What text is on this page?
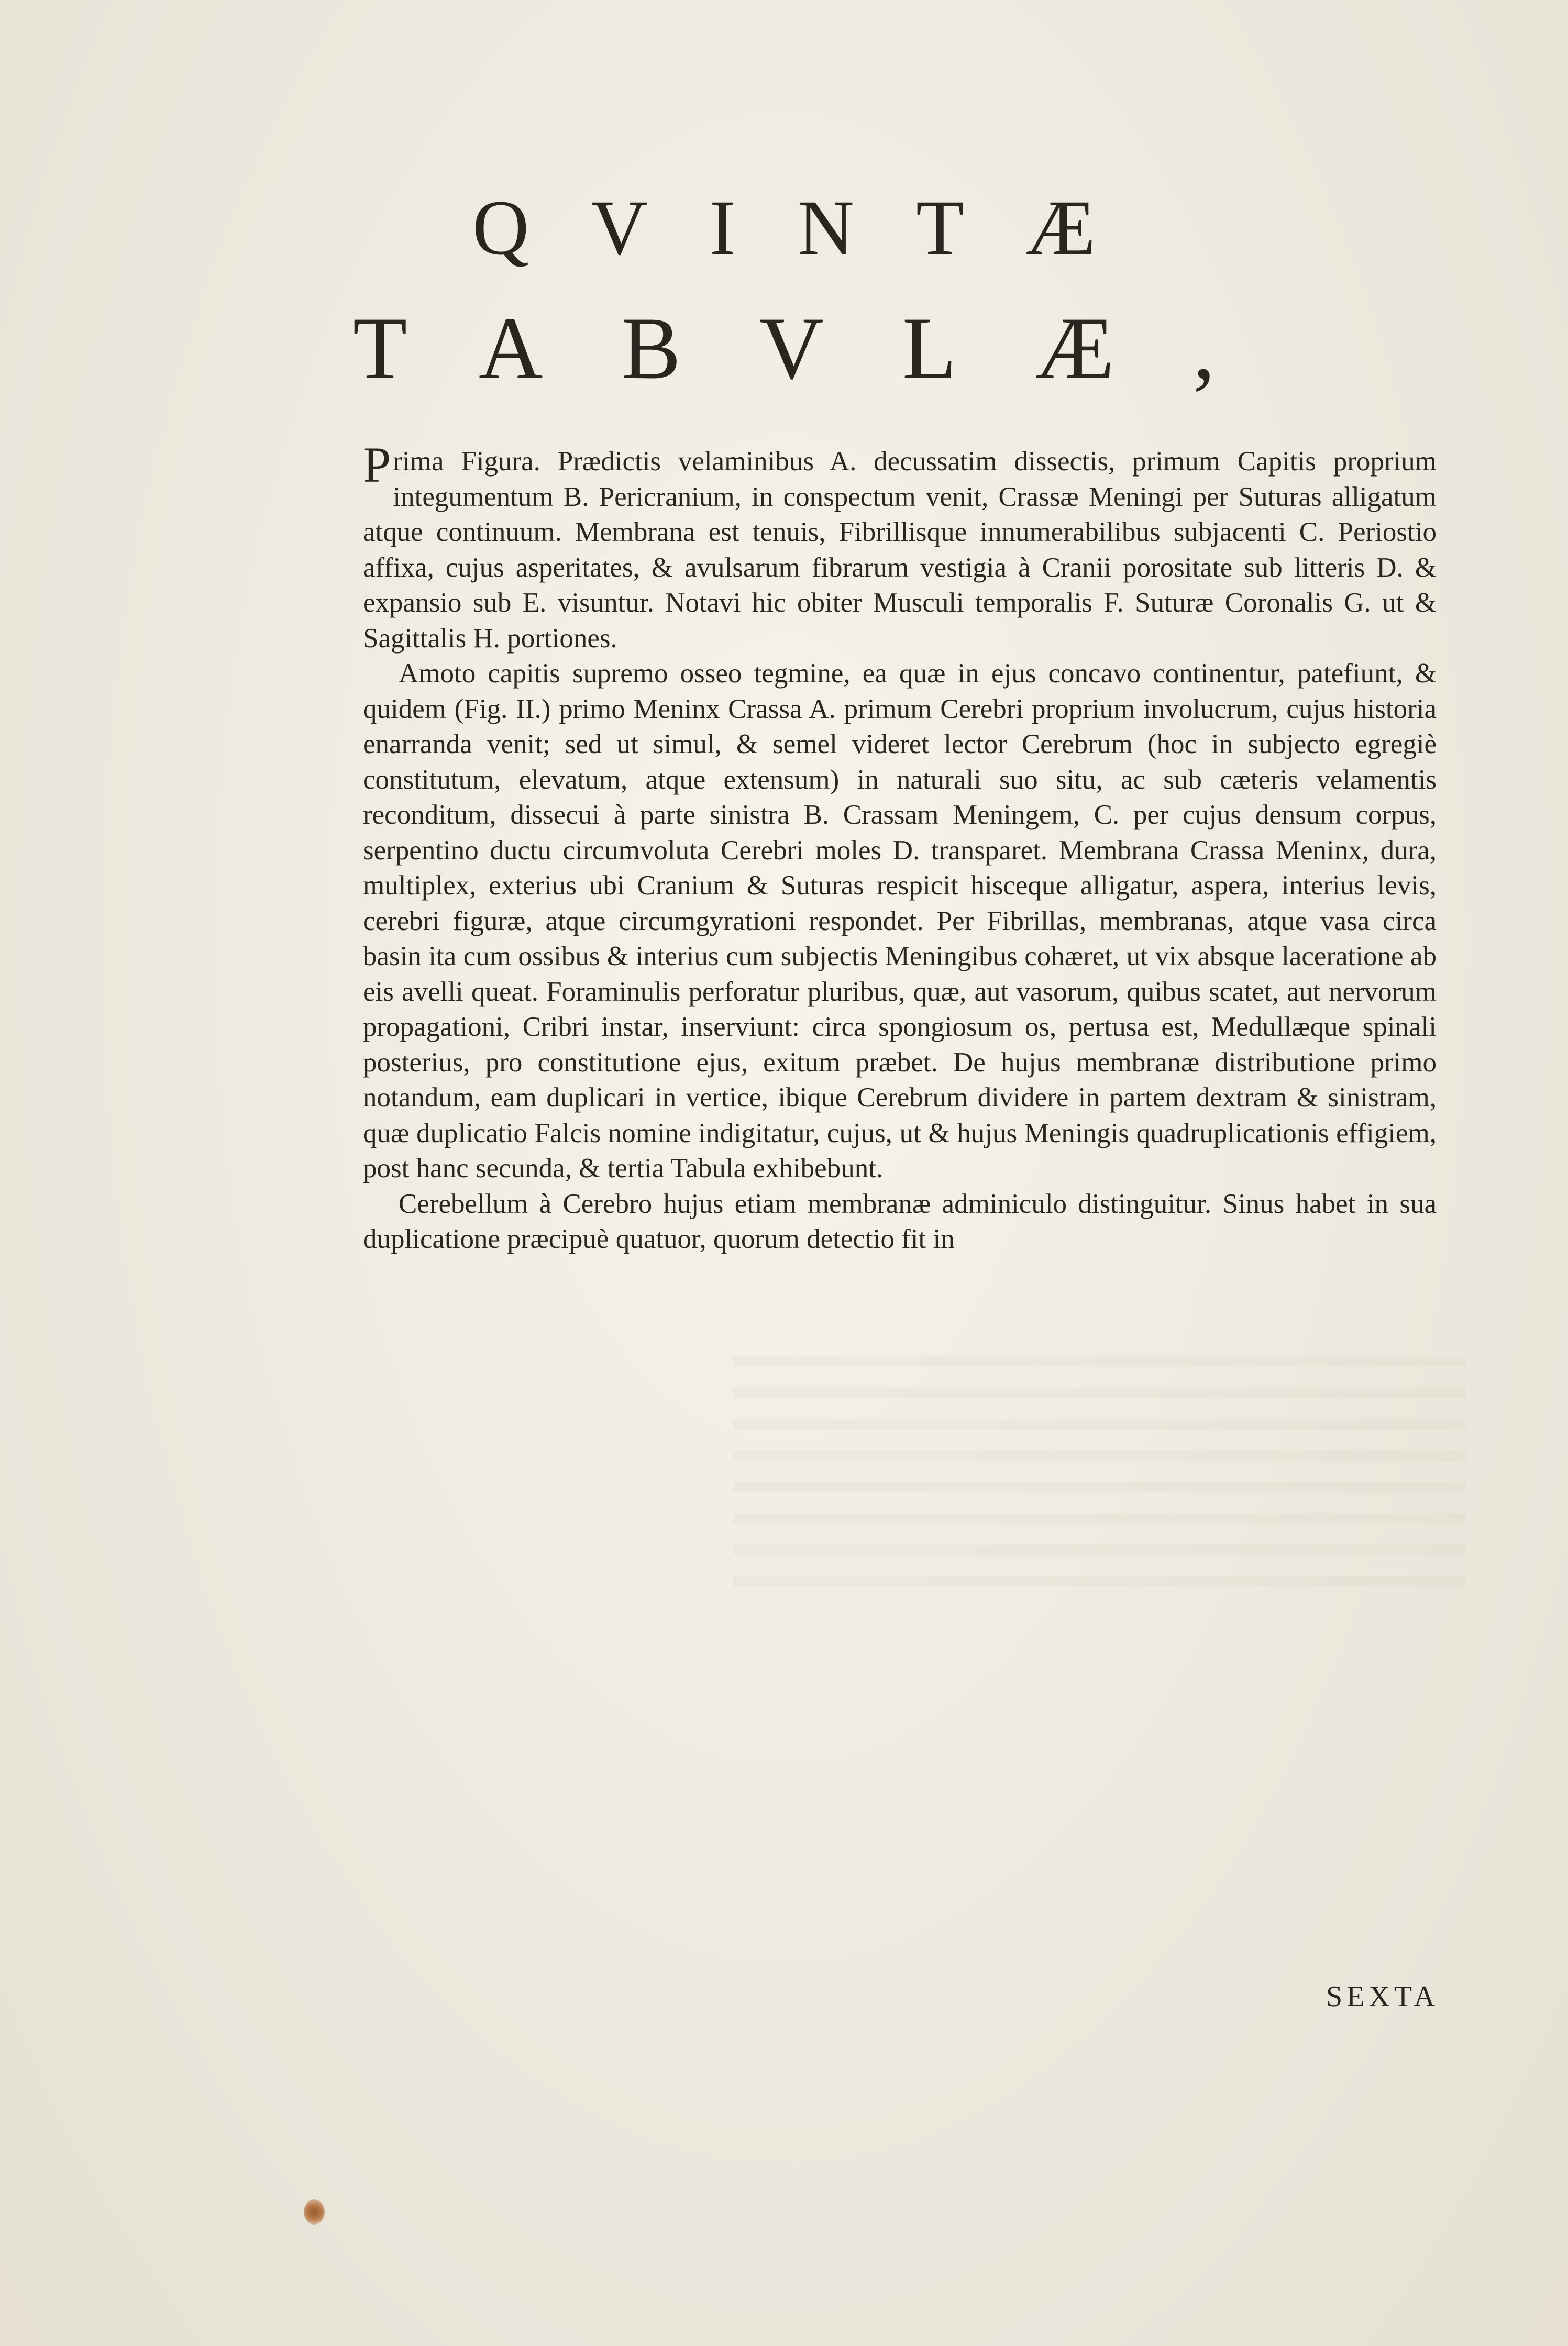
QVINTÆ
TABVLÆ,

Prima Figura. Prædictis velaminibus A. decussatim dissectis, primum Capitis proprium integumentum B. Pericranium, in conspectum venit, Crassæ Meningi per Suturas alligatum atque continuum. Membrana est tenuis, Fibrillisque innumerabilibus subjacenti C. Periostio affixa, cujus asperitates, & avulsarum fibrarum vestigia à Cranii porositate sub litteris D. & expansio sub E. visuntur. Notavi hic obiter Musculi temporalis F. Suturæ Coronalis G. ut & Sagittalis H. portiones.

Amoto capitis supremo osseo tegmine, ea quæ in ejus concavo continentur, patefiunt, & quidem (Fig. II.) primo Meninx Crassa A. primum Cerebri proprium involucrum, cujus historia enarranda venit; sed ut simul, & semel videret lector Cerebrum (hoc in subjecto egregiè constitutum, elevatum, atque extensum) in naturali suo situ, ac sub cæteris velamentis reconditum, dissecui à parte sinistra B. Crassam Meningem, C. per cujus densum corpus, serpentino ductu circumvoluta Cerebri moles D. transparet. Membrana Crassa Meninx, dura, multiplex, exterius ubi Cranium & Suturas respicit hisceque alligatur, aspera, interius levis, cerebri figuræ, atque circumgyrationi respondet. Per Fibrillas, membranas, atque vasa circa basin ita cum ossibus & interius cum subjectis Meningibus cohæret, ut vix absque laceratione ab eis avelli queat. Foraminulis perforatur pluribus, quæ, aut vasorum, quibus scatet, aut nervorum propagationi, Cribri instar, inserviunt: circa spongiosum os, pertusa est, Medullæque spinali posterius, pro constitutione ejus, exitum præbet. De hujus membranæ distributione primo notandum, eam duplicari in vertice, ibique Cerebrum dividere in partem dextram & sinistram, quæ duplicatio Falcis nomine indigitatur, cujus, ut & hujus Meningis quadruplicationis effigiem, post hanc secunda, & tertia Tabula exhibebunt.

Cerebellum à Cerebro hujus etiam membranæ adminiculo distinguitur. Sinus habet in sua duplicatione præcipuè quatuor, quorum detectio fit in

SEXTA
